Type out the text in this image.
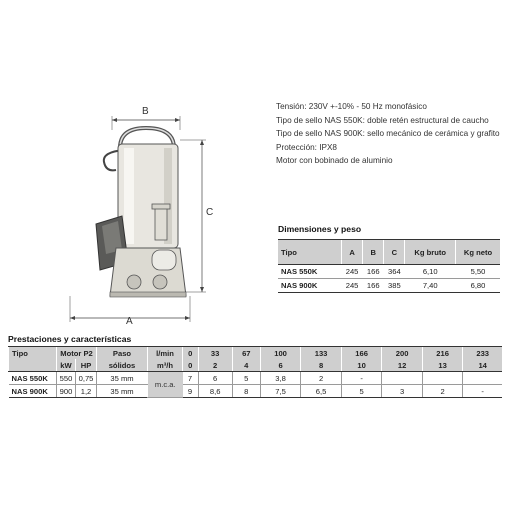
B
C
A
Tensión: 230V +-10% - 50 Hz monofásico
Tipo de sello NAS 550K: doble retén estructural de caucho
Tipo de sello NAS 900K: sello mecánico de cerámica y grafito
Protección: IPX8
Motor con bobinado de aluminio
Dimensiones y peso
Tipo	A	B	C	Kg bruto	Kg neto
NAS 550K	245	166	364	6,10	5,50
NAS 900K	245	166	385	7,40	6,80
Prestaciones y características
Tipo	Motor P2		Paso	l/min	0	33	67	100	133	166	200	216	233
	kW	HP	sólidos	m³/h	0	2	4	6	8	10	12	13	14
NAS 550K	550	0,75	35 mm	m.c.a.	7	6	5	3,8	2	-			
NAS 900K	900	1,2	35 mm		9	8,6	8	7,5	6,5	5	3	2	-
